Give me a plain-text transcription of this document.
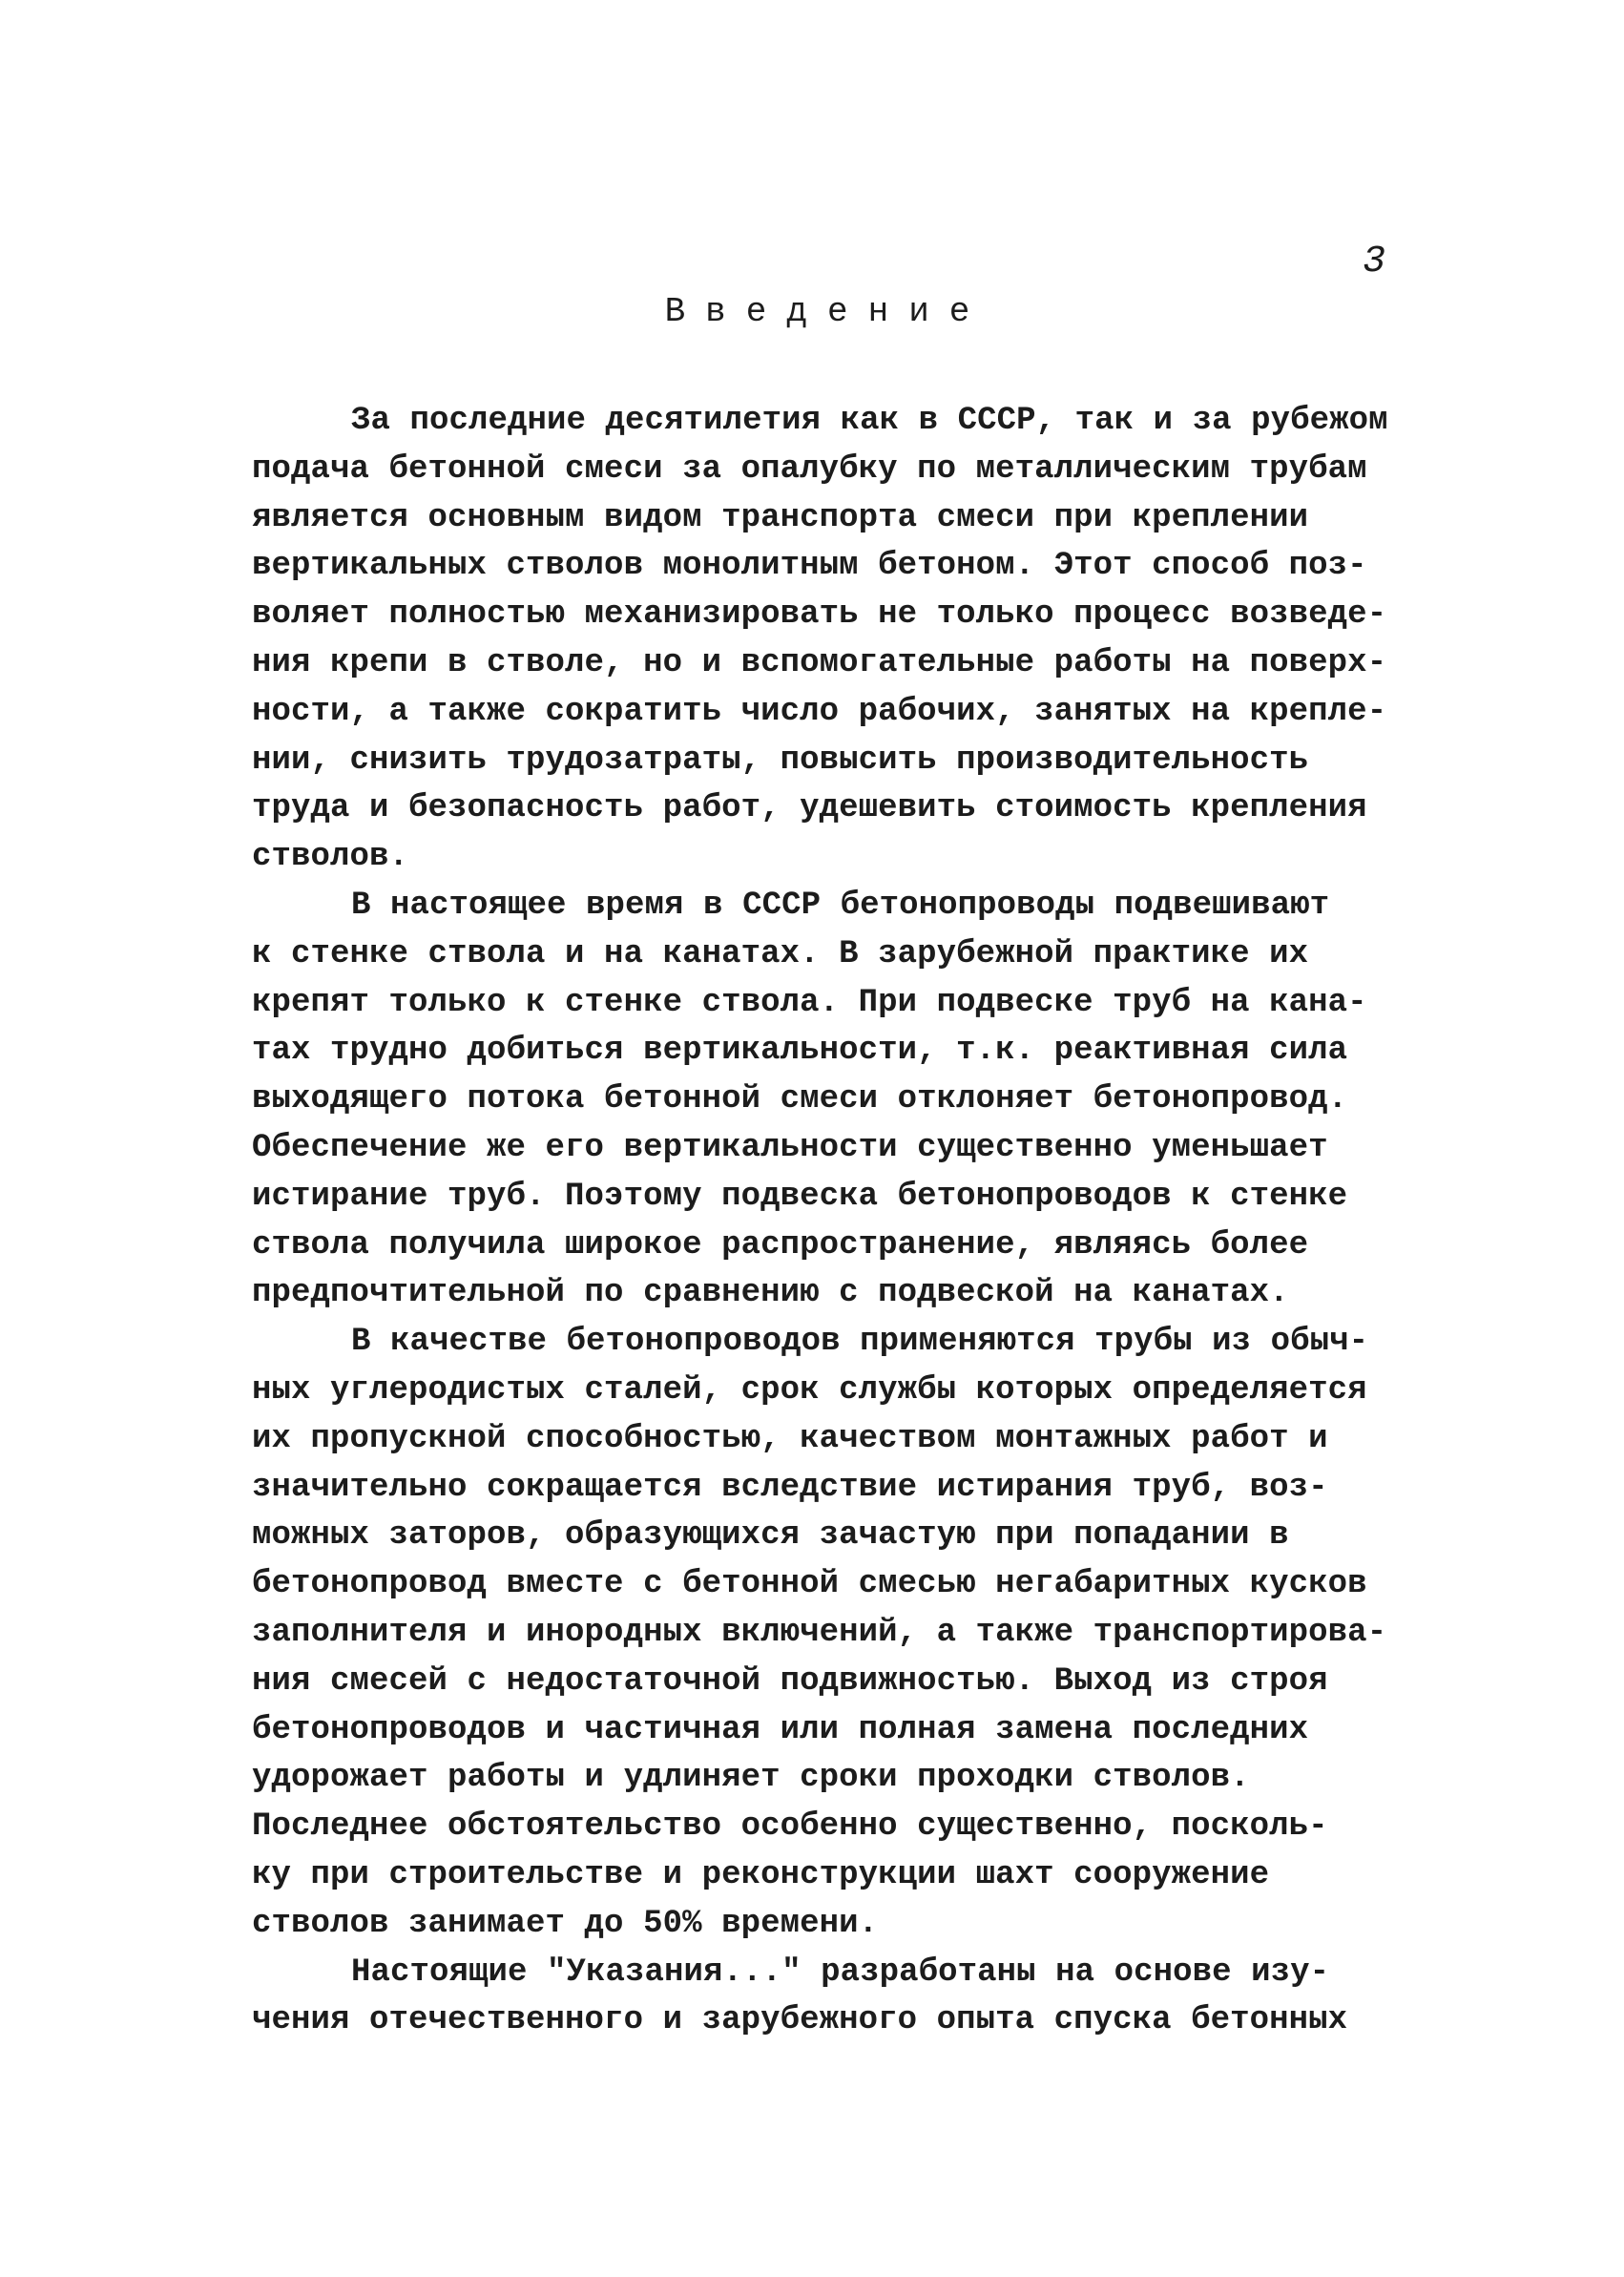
3
Введение
За последние десятилетия как в СССР, так и за рубежом
подача бетонной смеси за опалубку по металлическим трубам
является основным видом транспорта смеси при креплении
вертикальных стволов монолитным бетоном. Этот способ поз-
воляет полностью механизировать не только процесс возведе-
ния крепи в стволе, но и вспомогательные работы на поверх-
ности, а также сократить число рабочих, занятых на крепле-
нии, снизить трудозатраты, повысить производительность
труда и безопасность работ, удешевить стоимость крепления
стволов.
В настоящее время в СССР бетонопроводы подвешивают
к стенке ствола и на канатах. В зарубежной практике их
крепят только к стенке ствола. При подвеске труб на кана-
тах трудно добиться вертикальности, т.к. реактивная сила
выходящего потока бетонной смеси отклоняет бетонопровод.
Обеспечение же его вертикальности существенно уменьшает
истирание труб. Поэтому подвеска бетонопроводов к стенке
ствола получила широкое распространение, являясь более
предпочтительной по сравнению с подвеской на канатах.
В качестве бетонопроводов применяются трубы из обыч-
ных углеродистых сталей, срок службы которых определяется
их пропускной способностью, качеством монтажных работ и
значительно сокращается вследствие истирания труб, воз-
можных заторов, образующихся зачастую при попадании в
бетонопровод вместе с бетонной смесью негабаритных кусков
заполнителя и инородных включений, а также транспортирова-
ния смесей с недостаточной подвижностью. Выход из строя
бетонопроводов и частичная или полная замена последних
удорожает работы и удлиняет сроки проходки стволов.
Последнее обстоятельство особенно существенно, посколь-
ку при строительстве и реконструкции шахт сооружение
стволов занимает до 50% времени.
Настоящие "Указания..." разработаны на основе изу-
чения отечественного и зарубежного опыта спуска бетонных
